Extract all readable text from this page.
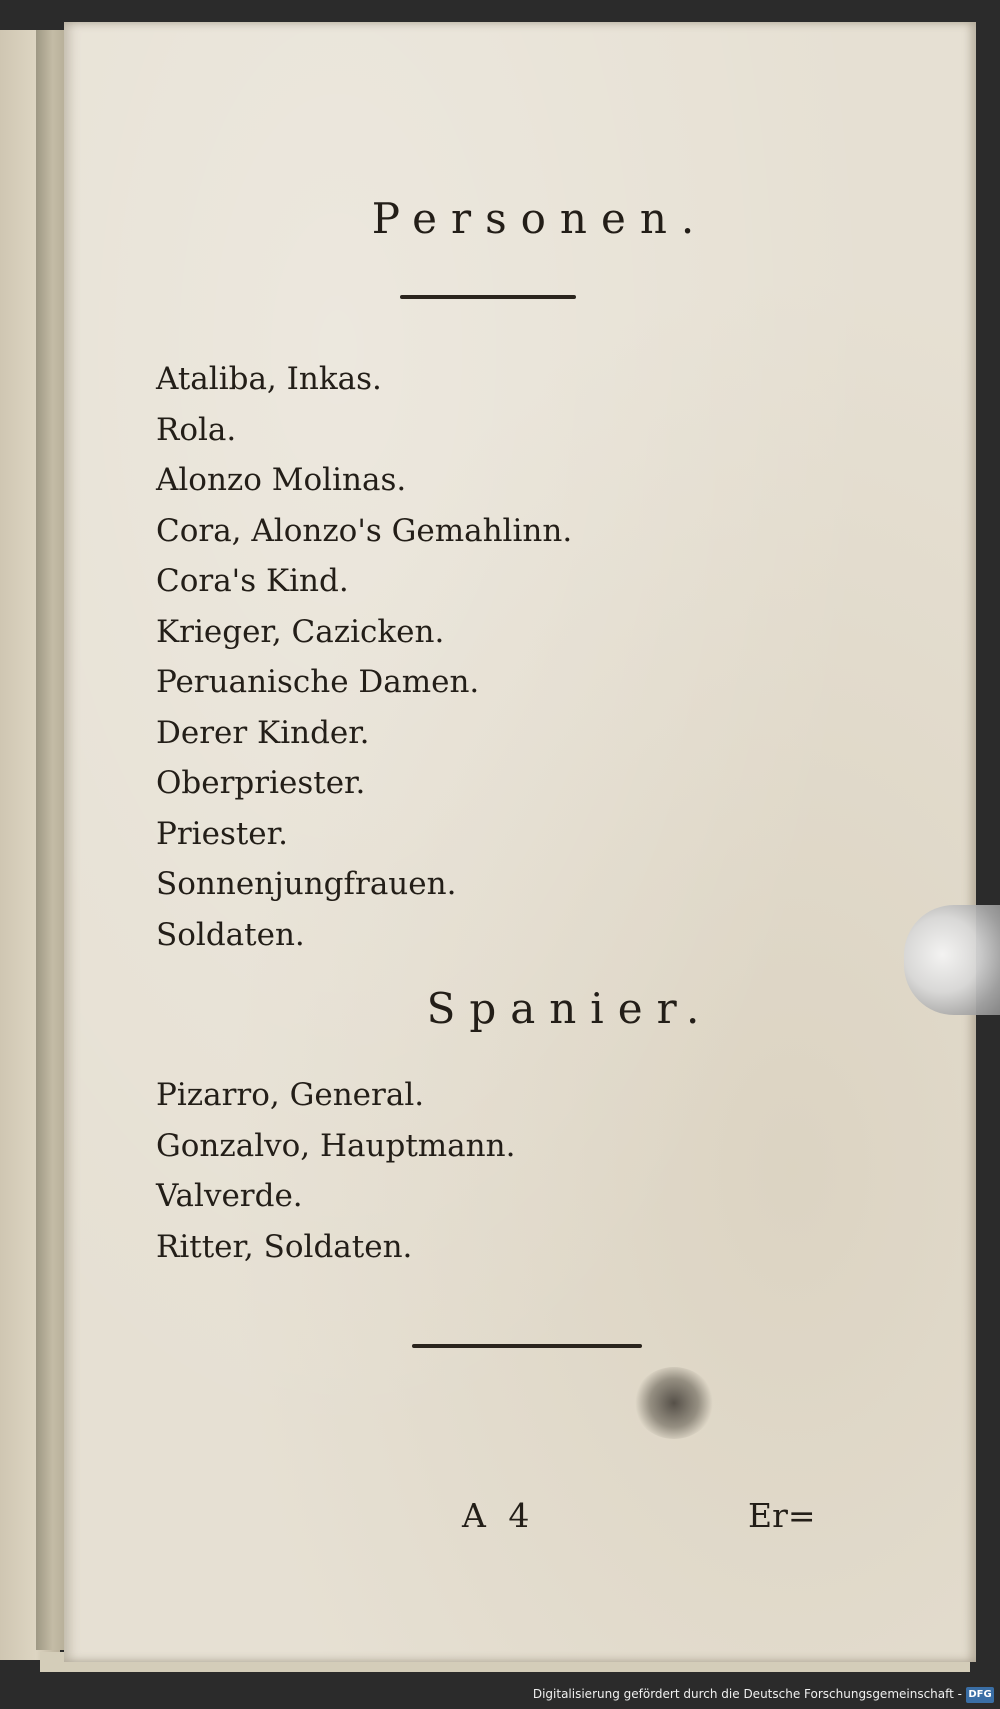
Personen.
Ataliba, Inkas.
Rola.
Alonzo Molinas.
Cora, Alonzo's Gemahlinn.
Cora's Kind.
Krieger, Cazicken.
Peruanische Damen.
Derer Kinder.
Oberpriester.
Priester.
Sonnenjungfrauen.
Soldaten.
Spanier.
Pizarro, General.
Gonzalvo, Hauptmann.
Valverde.
Ritter, Soldaten.
A 4	Er=
Digitalisierung gefördert durch die Deutsche Forschungsgemeinschaft - DFG
